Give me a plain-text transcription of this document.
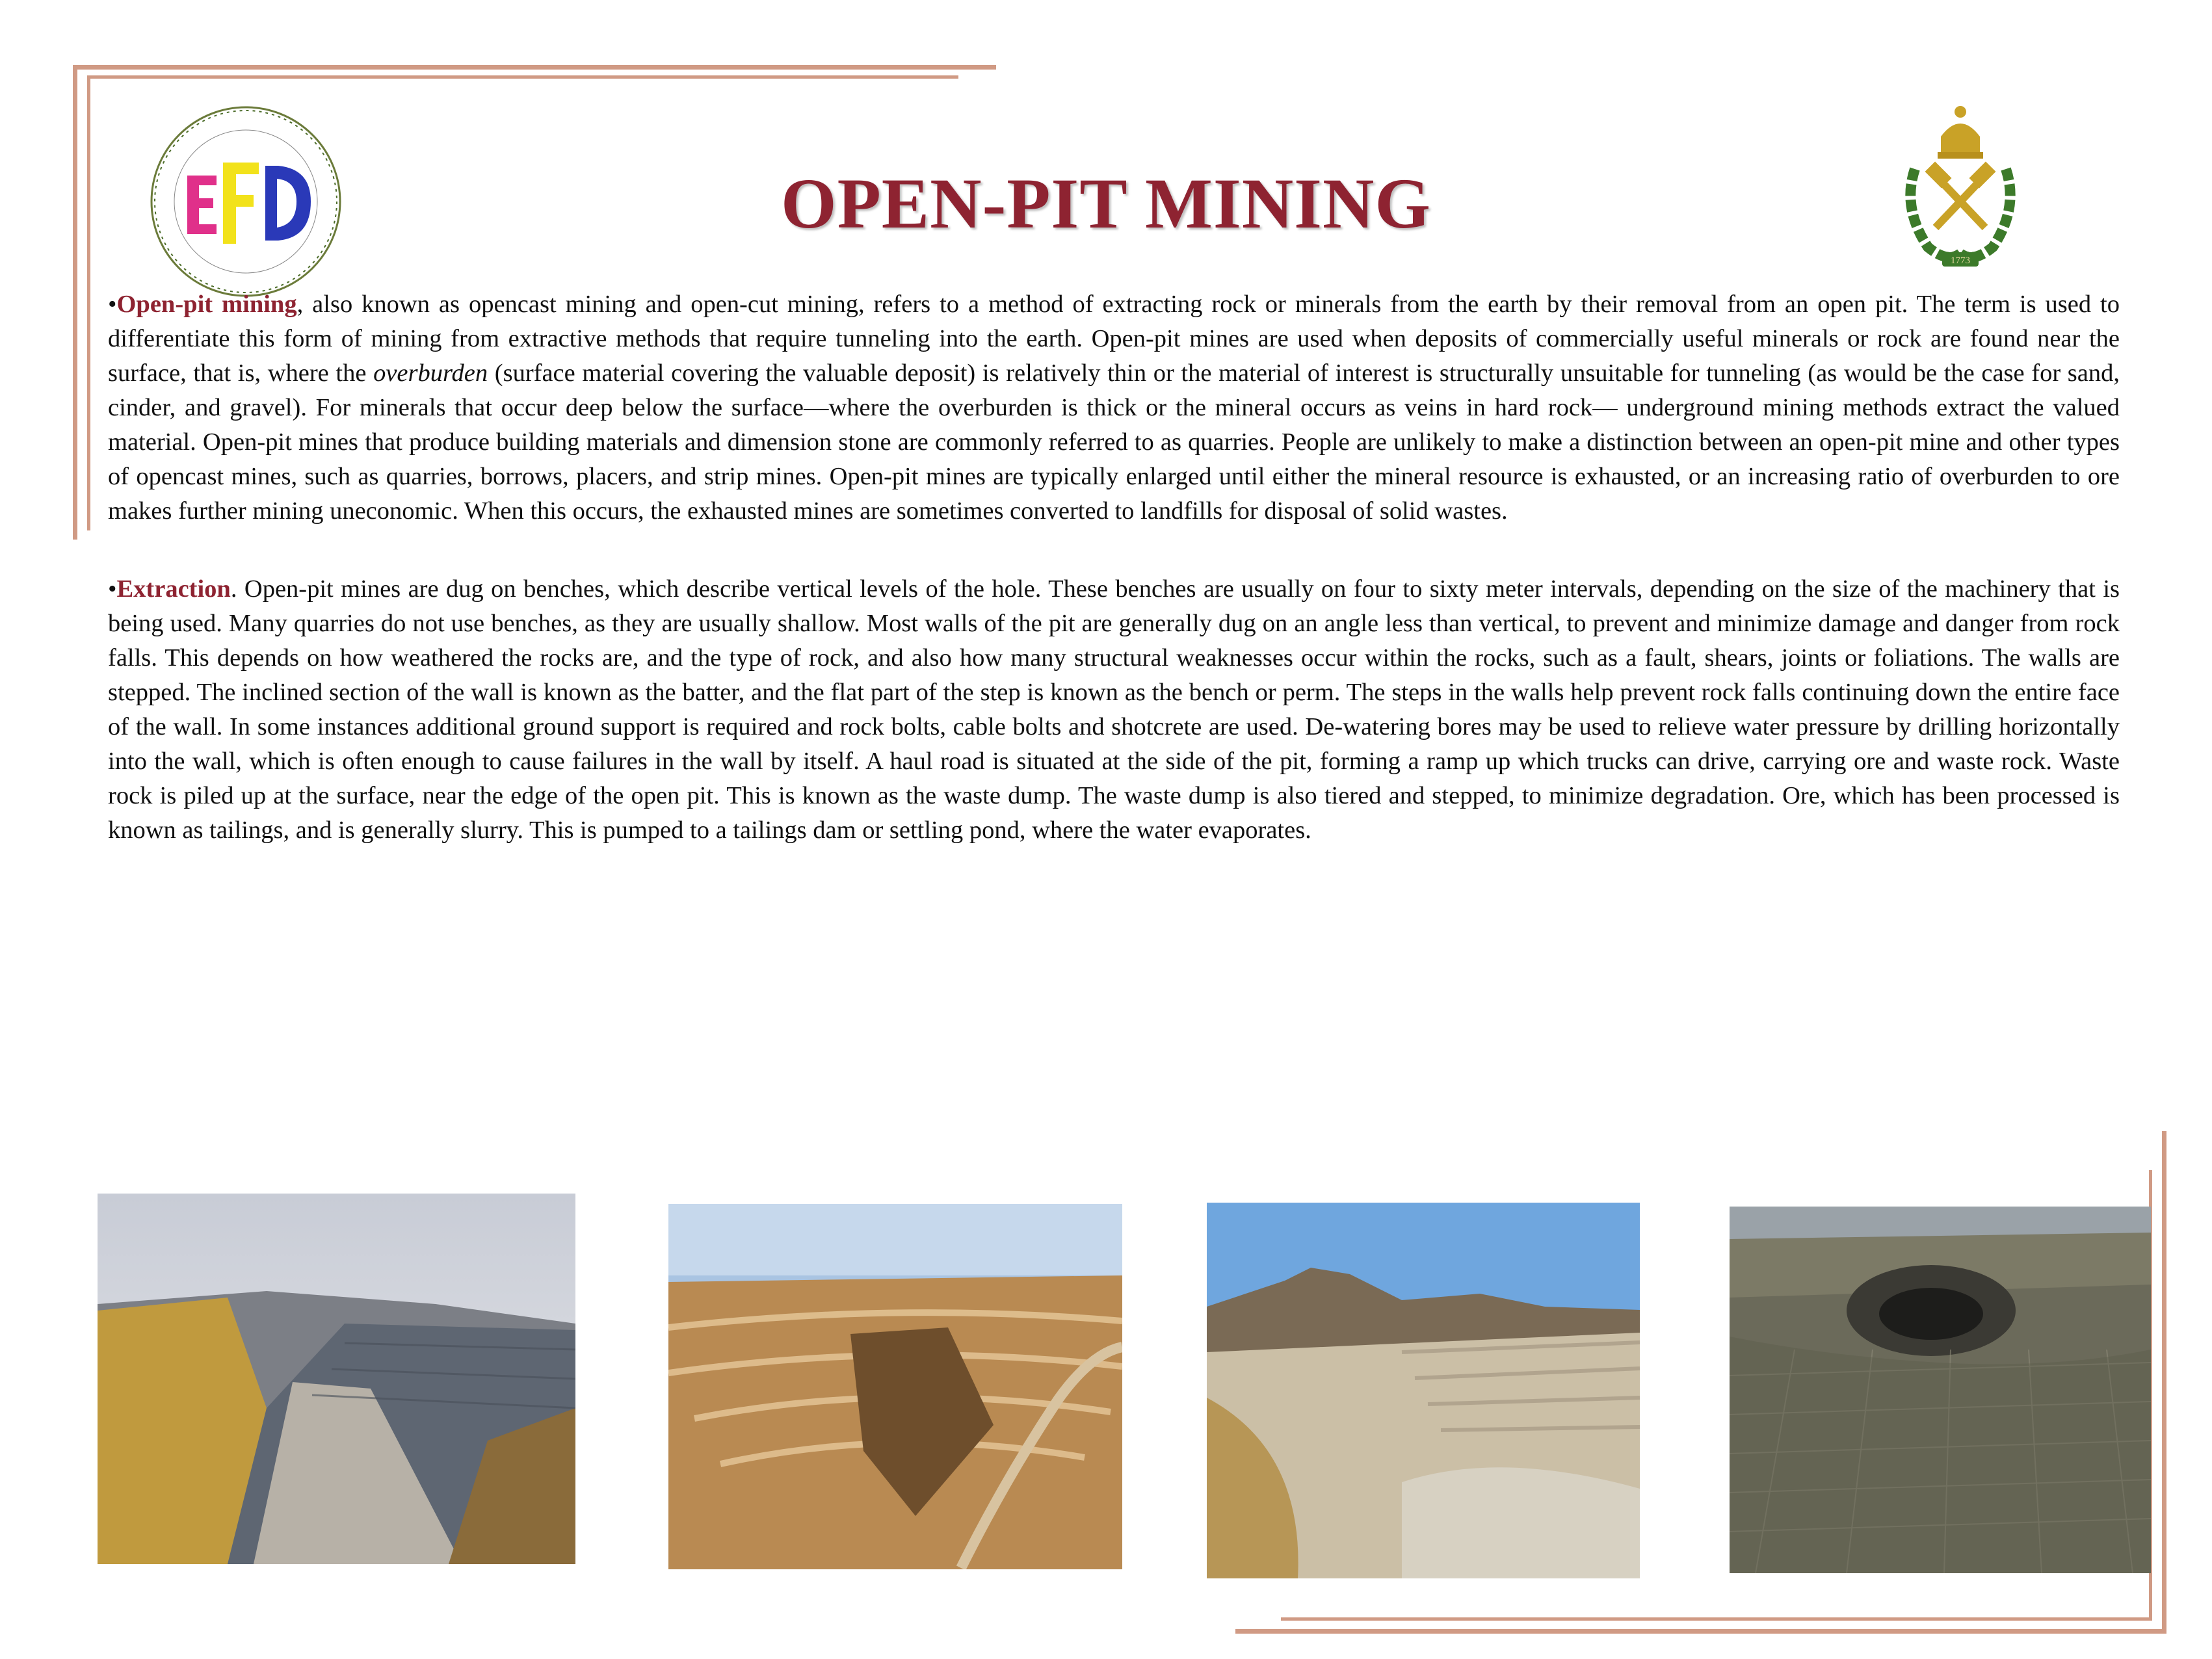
OPEN-PIT MINING
1773
•Open-pit mining, also known as opencast mining and open-cut mining, refers to a method of extracting rock or minerals from the earth by their removal from an open pit. The term is used to differentiate this form of mining from extractive methods that require tunneling into the earth. Open-pit mines are used when deposits of commercially useful minerals or rock are found near the surface, that is, where the overburden (surface material covering the valuable deposit) is relatively thin or the material of interest is structurally unsuitable for tunneling (as would be the case for sand, cinder, and gravel). For minerals that occur deep below the surface—where the overburden is thick or the mineral occurs as veins in hard rock— underground mining methods extract the valued material. Open-pit mines that produce building materials and dimension stone are commonly referred to as quarries. People are unlikely to make a distinction between an open-pit mine and other types of opencast mines, such as quarries, borrows, placers, and strip mines. Open-pit mines are typically enlarged until either the mineral resource is exhausted, or an increasing ratio of overburden to ore makes further mining uneconomic. When this occurs, the exhausted mines are sometimes converted to landfills for disposal of solid wastes.
•Extraction. Open-pit mines are dug on benches, which describe vertical levels of the hole. These benches are usually on four to sixty meter intervals, depending on the size of the machinery that is being used. Many quarries do not use benches, as they are usually shallow. Most walls of the pit are generally dug on an angle less than vertical, to prevent and minimize damage and danger from rock falls. This depends on how weathered the rocks are, and the type of rock, and also how many structural weaknesses occur within the rocks, such as a fault, shears, joints or foliations. The walls are stepped. The inclined section of the wall is known as the batter, and the flat part of the step is known as the bench or perm. The steps in the walls help prevent rock falls continuing down the entire face of the wall. In some instances additional ground support is required and rock bolts, cable bolts and shotcrete are used. De-watering bores may be used to relieve water pressure by drilling horizontally into the wall, which is often enough to cause failures in the wall by itself. A haul road is situated at the side of the pit, forming a ramp up which trucks can drive, carrying ore and waste rock. Waste rock is piled up at the surface, near the edge of the open pit. This is known as the waste dump. The waste dump is also tiered and stepped, to minimize degradation. Ore, which has been processed is known as tailings, and is generally slurry. This is pumped to a tailings dam or settling pond, where the water evaporates.
